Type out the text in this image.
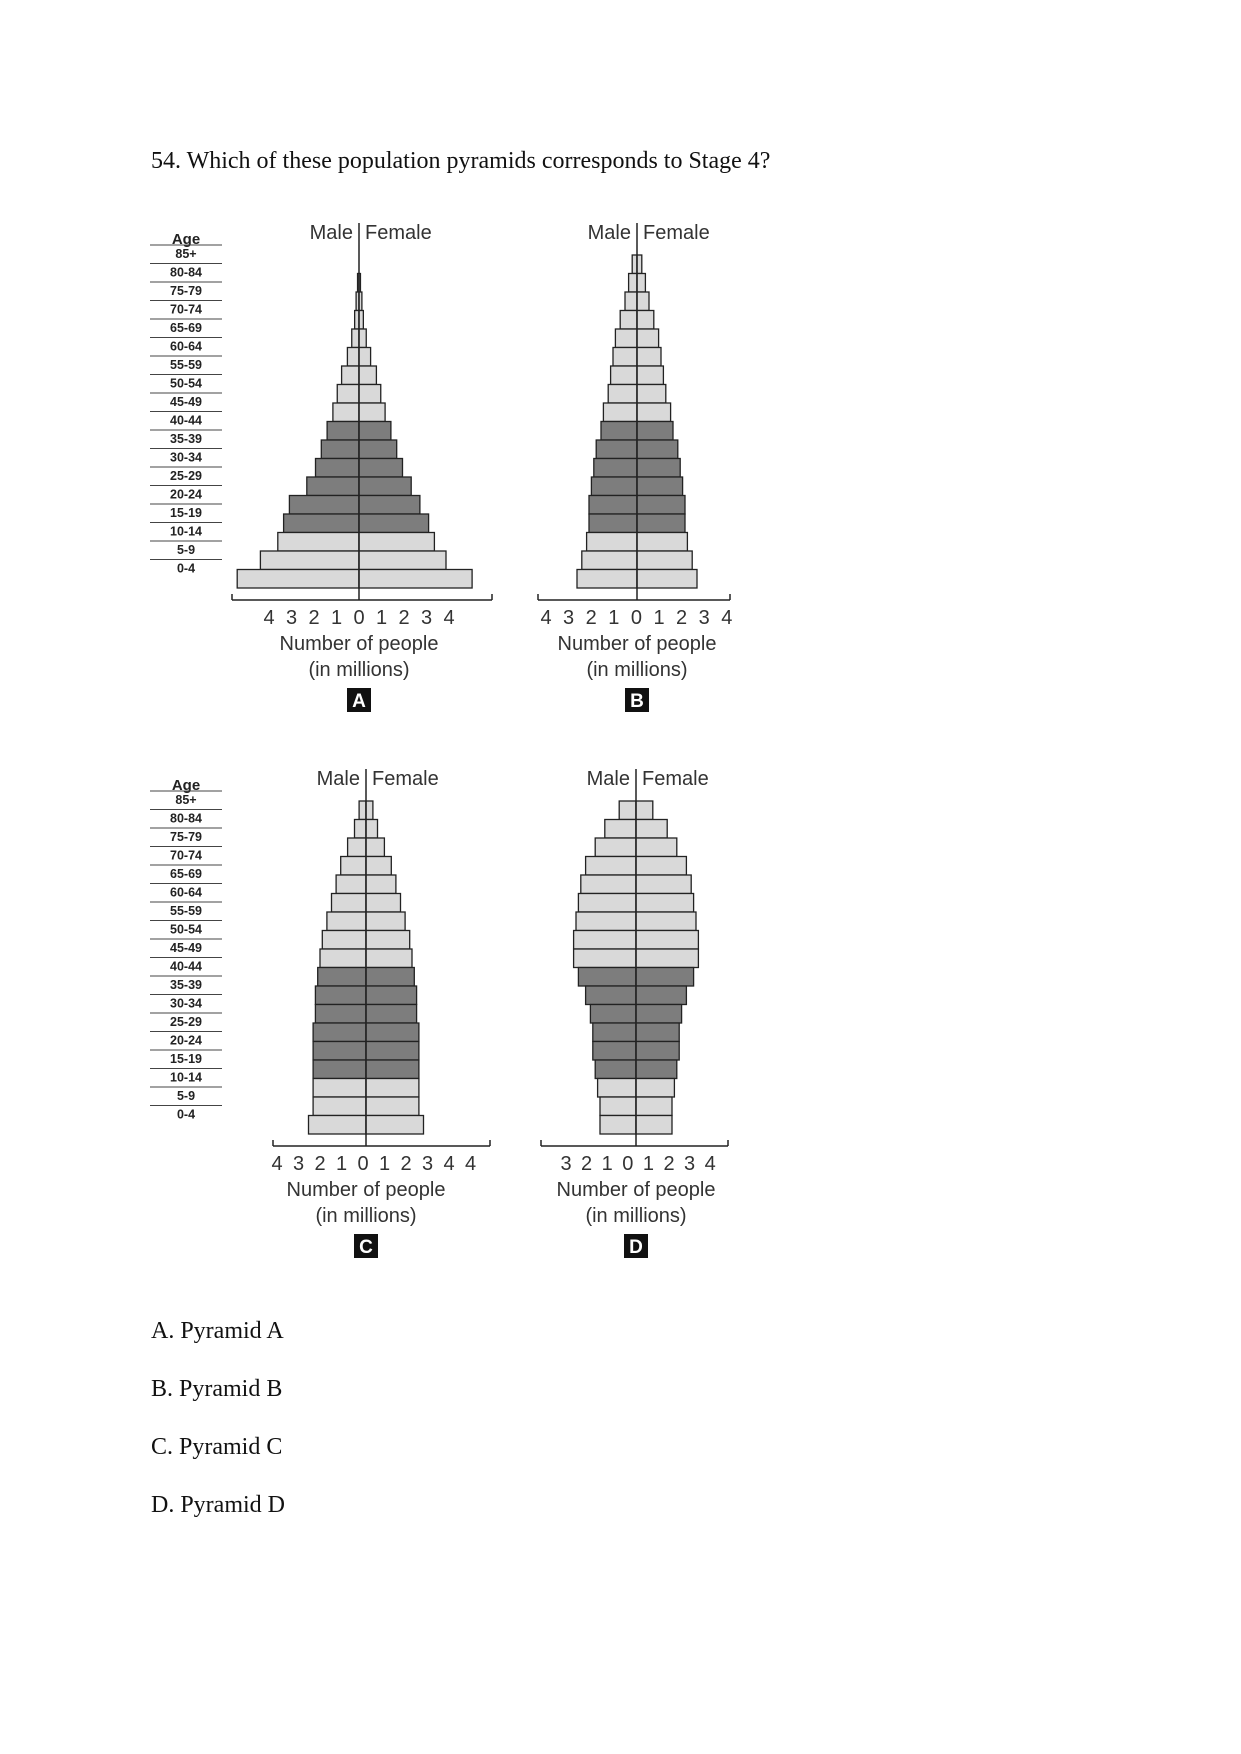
54. Which of these population pyramids corresponds to Stage 4?

Age
85+
80-84
75-79
70-74
65-69
60-64
55-59
50-54
45-49
40-44
35-39
30-34
25-29
20-24
15-19
10-14
5-9
0-4
Age
85+
80-84
75-79
70-74
65-69
60-64
55-59
50-54
45-49
40-44
35-39
30-34
25-29
20-24
15-19
10-14
5-9
0-4
Male Female
4 3 2 1 0 1 2 3 4
Number of people
(in millions)
A
Male Female
4 3 2 1 0 1 2 3 4
Number of people
(in millions)
B
Male Female
4 3 2 1 0 1 2 3 4 4
Number of people
(in millions)
C
Male Female
3 2 1 0 1 2 3 4
Number of people
(in millions)
D

A. Pyramid A

B. Pyramid B

C. Pyramid C

D. Pyramid D
